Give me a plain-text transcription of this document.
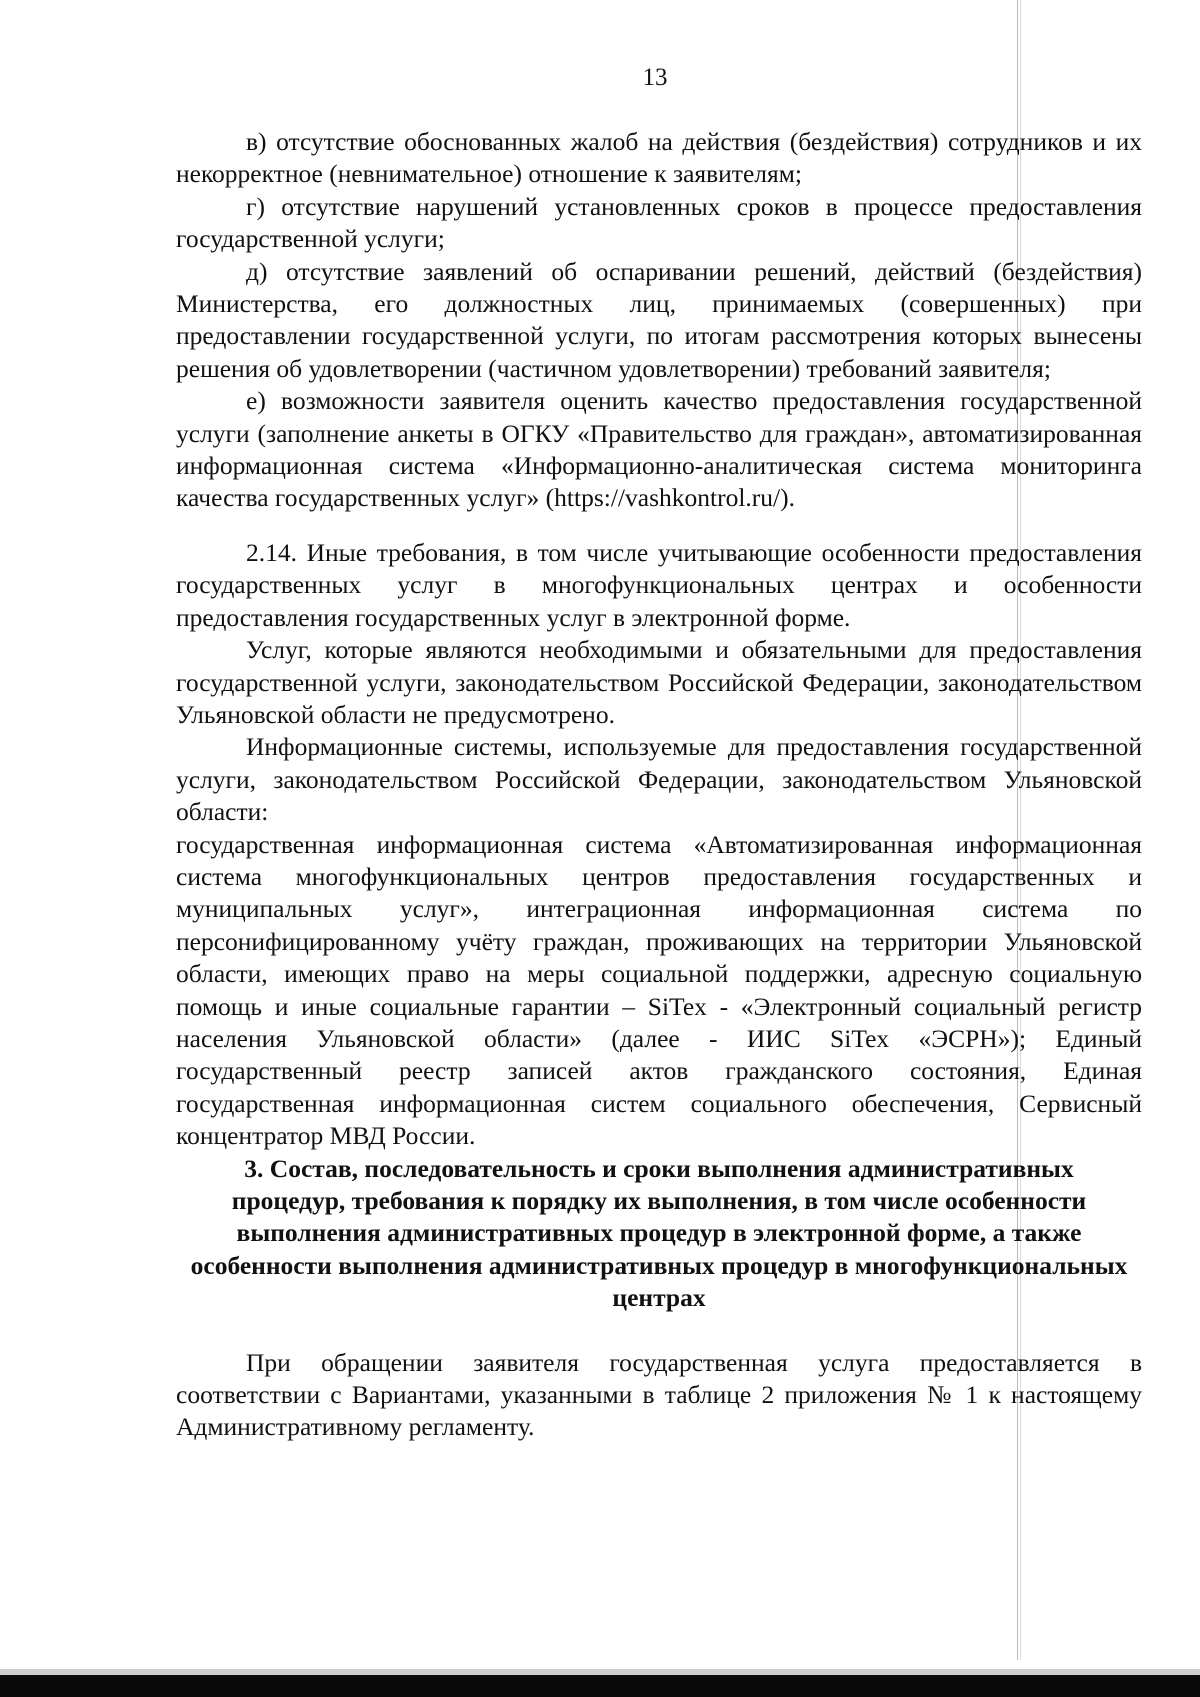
13

в) отсутствие обоснованных жалоб на действия (бездействия) сотрудников и их некорректное (невнимательное) отношение к заявителям;

г) отсутствие нарушений установленных сроков в процессе предоставления государственной услуги;

д) отсутствие заявлений об оспаривании решений, действий (бездействия) Министерства, его должностных лиц, принимаемых (совершенных) при предоставлении государственной услуги, по итогам рассмотрения которых вынесены решения об удовлетворении (частичном удовлетворении) требований заявителя;

е) возможности заявителя оценить качество предоставления государственной услуги (заполнение анкеты в ОГКУ «Правительство для граждан», автоматизированная информационная система «Информационно-аналитическая система мониторинга качества государственных услуг» (https://vashkontrol.ru/).

2.14. Иные требования, в том числе учитывающие особенности предоставления государственных услуг в многофункциональных центрах и особенности предоставления государственных услуг в электронной форме.

Услуг, которые являются необходимыми и обязательными для предоставления государственной услуги, законодательством Российской Федерации, законодательством Ульяновской области не предусмотрено.

Информационные системы, используемые для предоставления государственной услуги, законодательством Российской Федерации, законодательством Ульяновской области:

государственная информационная система «Автоматизированная информационная система многофункциональных центров предоставления государственных и муниципальных услуг», интеграционная информационная система по персонифицированному учёту граждан, проживающих на территории Ульяновской области, имеющих право на меры социальной поддержки, адресную социальную помощь и иные социальные гарантии – SiTex - «Электронный социальный регистр населения Ульяновской области» (далее - ИИС SiTex «ЭСРН»); Единый государственный реестр записей актов гражданского состояния, Единая государственная информационная систем социального обеспечения, Сервисный концентратор МВД России.

3. Состав, последовательность и сроки выполнения административных процедур, требования к порядку их выполнения, в том числе особенности выполнения административных процедур в электронной форме, а также особенности выполнения административных процедур в многофункциональных центрах

При обращении заявителя государственная услуга предоставляется в соответствии с Вариантами, указанными в таблице 2 приложения № 1 к настоящему Административному регламенту.
